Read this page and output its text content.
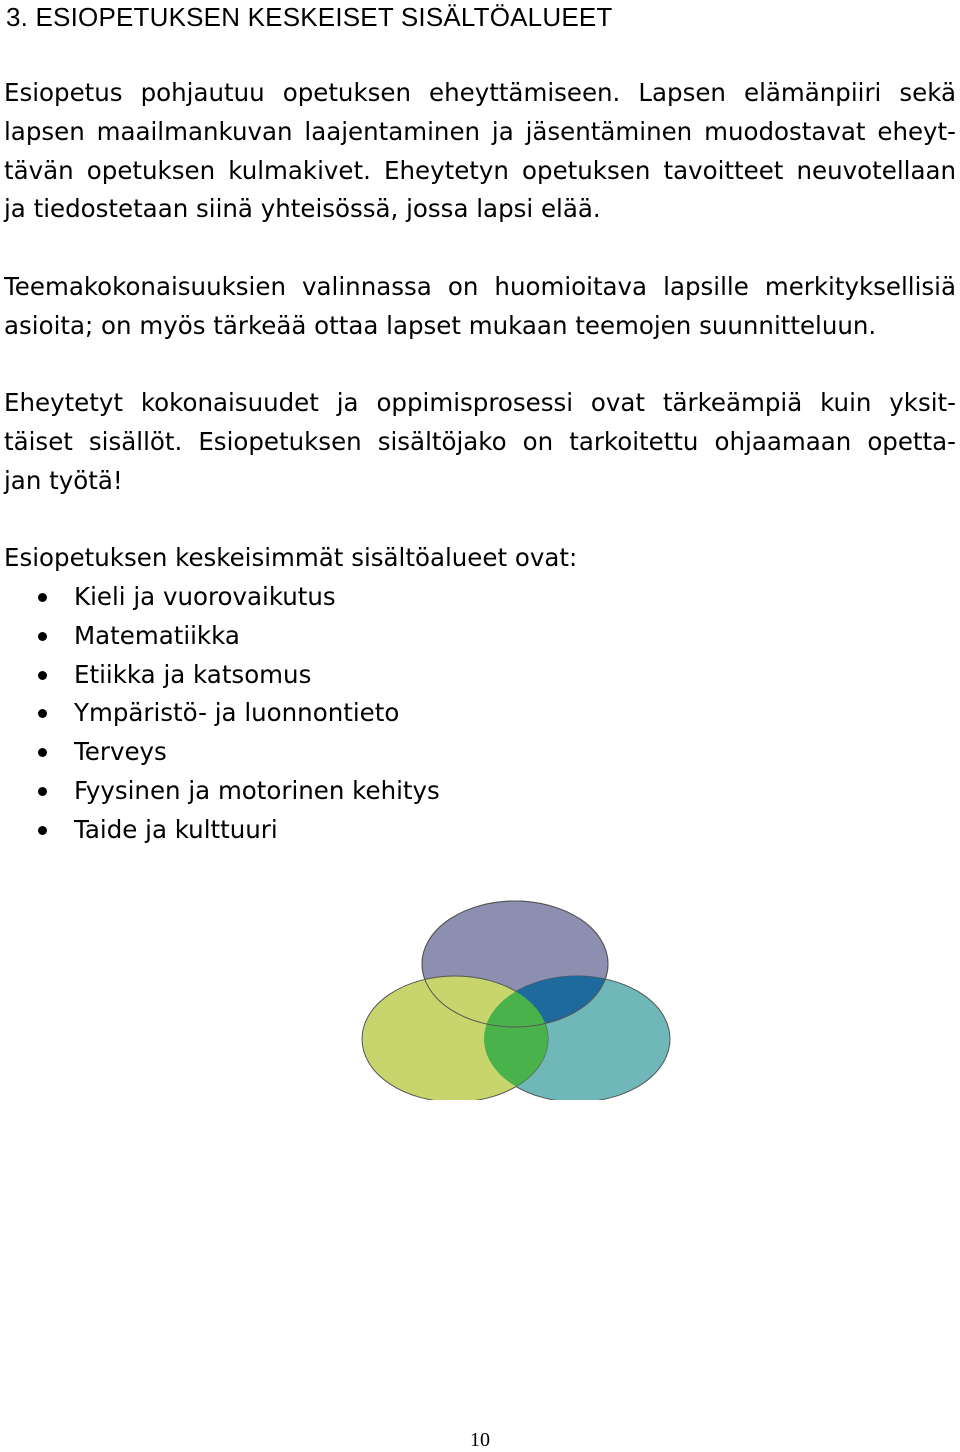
3. ESIOPETUKSEN KESKEISET SISÄLTÖALUEET

Esiopetus pohjautuu opetuksen eheyttämiseen. Lapsen elämänpiiri sekä
lapsen maailmankuvan laajentaminen ja jäsentäminen muodostavat eheyt-
tävän opetuksen kulmakivet. Eheytetyn opetuksen tavoitteet neuvotellaan
ja tiedostetaan siinä yhteisössä, jossa lapsi elää.

Teemakokonaisuuksien valinnassa on huomioitava lapsille merkityksellisiä
asioita; on myös tärkeää ottaa lapset mukaan teemojen suunnitteluun.

Eheytetyt kokonaisuudet ja oppimisprosessi ovat tärkeämpiä kuin yksit-
täiset sisällöt. Esiopetuksen sisältöjako on tarkoitettu ohjaamaan opetta-
jan työtä!

Esiopetuksen keskeisimmät sisältöalueet ovat:

Kieli ja vuorovaikutus
Matematiikka
Etiikka ja katsomus
Ympäristö- ja luonnontieto
Terveys
Fyysinen ja motorinen kehitys
Taide ja kulttuuri
10
